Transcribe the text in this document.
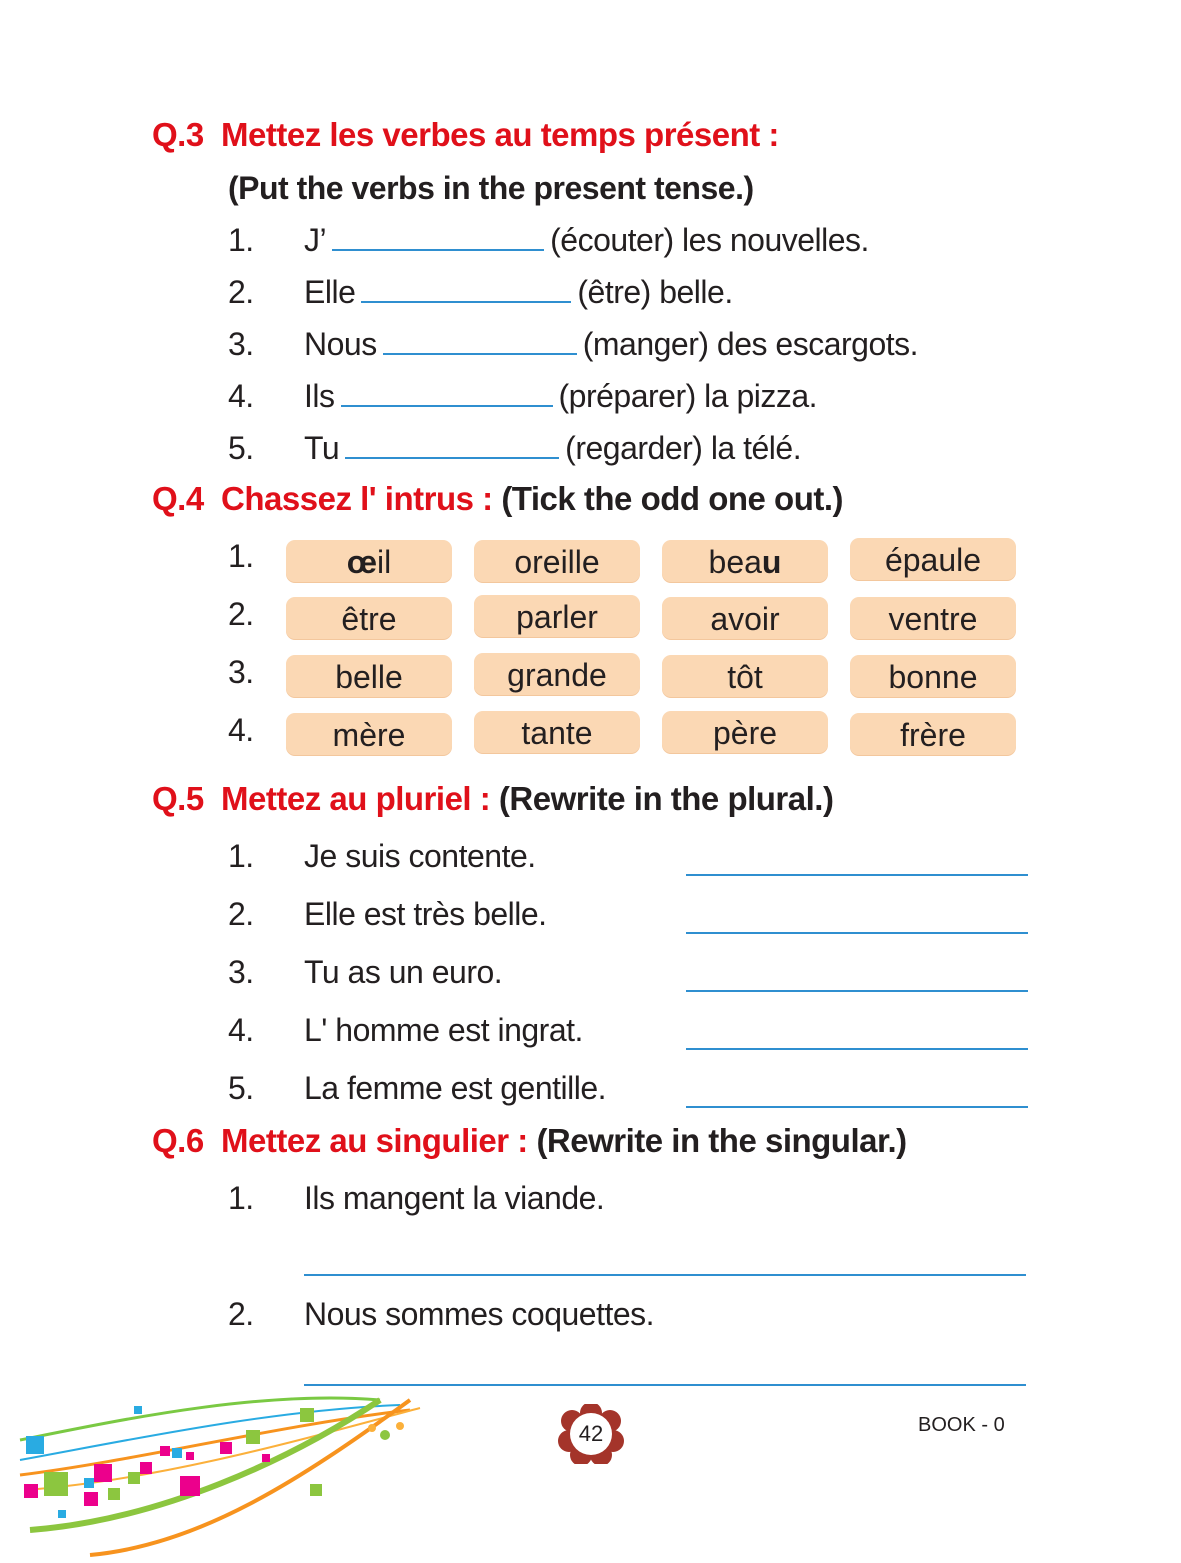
Q.3 Mettez les verbes au temps présent :
(Put the verbs in the present tense.)
1.	J’	(écouter) les nouvelles.
2.	Elle	(être) belle.
3.	Nous	(manger) des escargots.
4.	Ils	(préparer) la pizza.
5.	Tu	(regarder) la télé.
Q.4 Chassez l' intrus : (Tick the odd one out.)
1.	œil	oreille	beau	épaule
2.	être	parler	avoir	ventre
3.	belle	grande	tôt	bonne
4.	mère	tante	père	frère
Q.5 Mettez au pluriel : (Rewrite in the plural.)
1.	Je suis contente.
2.	Elle est très belle.
3.	Tu as un euro.
4.	L' homme est ingrat.
5.	La femme est gentille.
Q.6 Mettez au singulier : (Rewrite in the singular.)
1.	Ils mangent la viande.
2.	Nous sommes coquettes.
42	BOOK - 0
